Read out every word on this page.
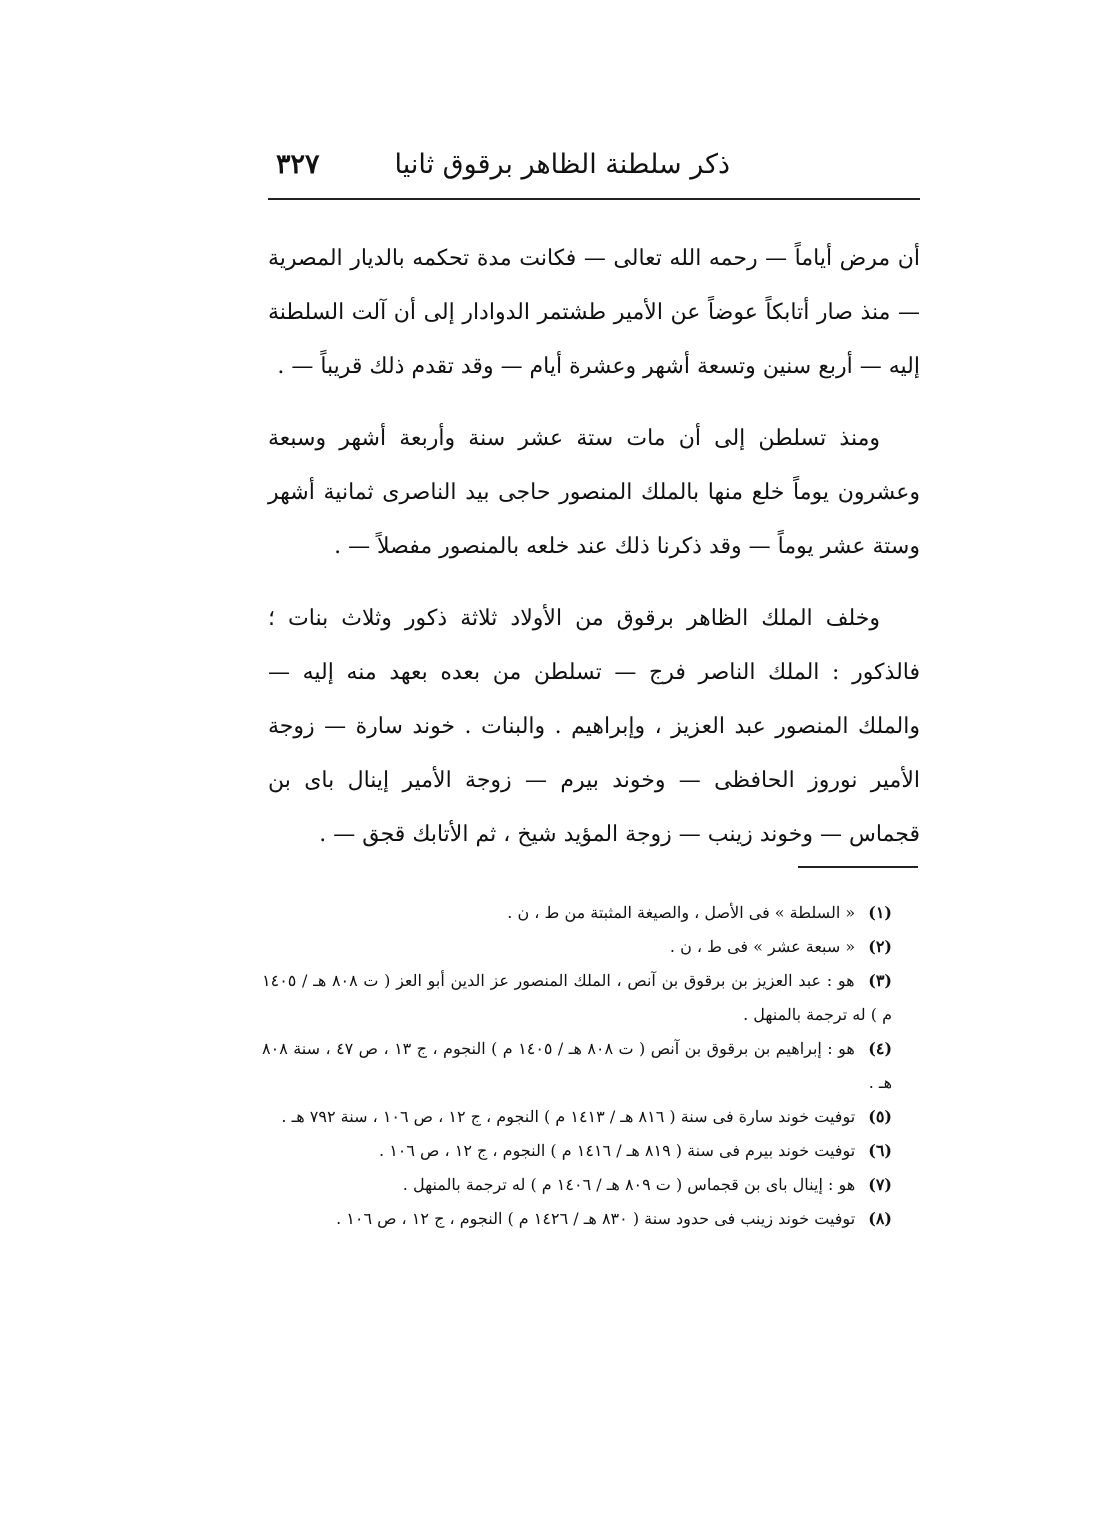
ذكر سلطنة الظاهر برقوق ثانيا
٣٢٧

أن مرض أياماً — رحمه الله تعالى — فكانت مدة تحكمه بالديار المصرية — منذ صار أتابكاً عوضاً عن الأمير طشتمر الدوادار إلى أن آلت السلطنة إليه — أربع سنين وتسعة أشهر وعشرة أيام — وقد تقدم ذلك قريباً — .

ومنذ تسلطن إلى أن مات ستة عشر سنة وأربعة أشهر وسبعة وعشرون يوماً خلع منها بالملك المنصور حاجى بيد الناصرى ثمانية أشهر وستة عشر يوماً — وقد ذكرنا ذلك عند خلعه بالمنصور مفصلاً — .

وخلف الملك الظاهر برقوق من الأولاد ثلاثة ذكور وثلاث بنات ؛ فالذكور : الملك الناصر فرج — تسلطن من بعده بعهد منه إليه — والملك المنصور عبد العزيز ، وإبراهيم . والبنات . خوند سارة — زوجة الأمير نوروز الحافظى — وخوند بيرم — زوجة الأمير إينال باى بن قجماس — وخوند زينب — زوجة المؤيد شيخ ، ثم الأتابك قجق — .

(١) « السلطة » فى الأصل ، والصيغة المثبتة من ط ، ن .
(٢) « سبعة عشر » فى ط ، ن .
(٣) هو : عبد العزيز بن برقوق بن آنص ، الملك المنصور عز الدين أبو العز ( ت ٨٠٨ هـ / ١٤٠٥ م ) له ترجمة بالمنهل .
(٤) هو : إبراهيم بن برقوق بن آنص ( ت ٨٠٨ هـ / ١٤٠٥ م ) النجوم ، ج ١٣ ، ص ٤٧ ، سنة ٨٠٨ هـ .
(٥) توفيت خوند سارة فى سنة ( ٨١٦ هـ / ١٤١٣ م ) النجوم ، ج ١٢ ، ص ١٠٦ ، سنة ٧٩٢ هـ .
(٦) توفيت خوند بيرم فى سنة ( ٨١٩ هـ / ١٤١٦ م ) النجوم ، ج ١٢ ، ص ١٠٦ .
(٧) هو : إينال باى بن قجماس ( ت ٨٠٩ هـ / ١٤٠٦ م ) له ترجمة بالمنهل .
(٨) توفيت خوند زينب فى حدود سنة ( ٨٣٠ هـ / ١٤٢٦ م ) النجوم ، ج ١٢ ، ص ١٠٦ .
